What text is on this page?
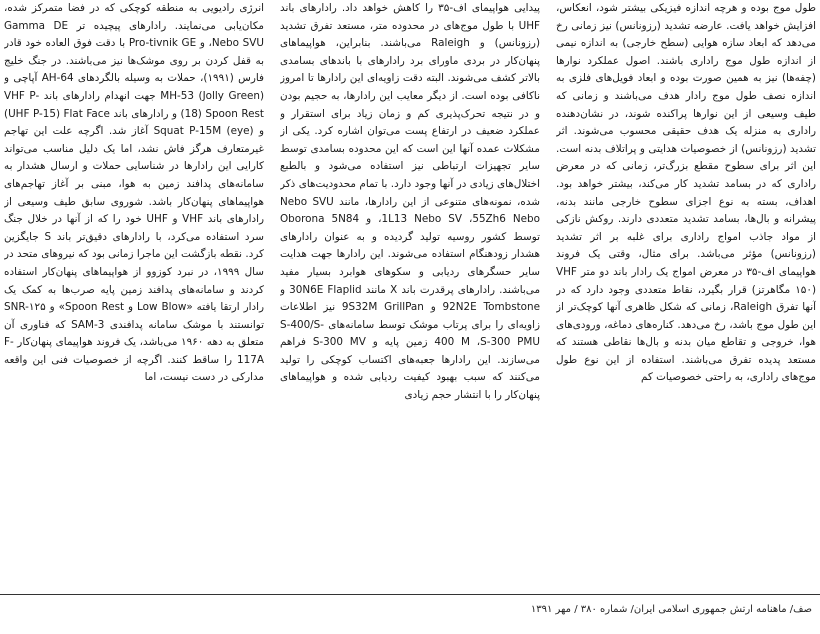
طول موج بوده و هرچه اندازه فیزیکی بیشتر شود، انعکاس، افزایش خواهد یافت. عارضه تشدید (رزونانس) نیز زمانی رخ می‌دهد که ابعاد سازه هوایی (سطح خارجی) به اندازه نیمی از اندازه طول موج راداری باشند. اصول عملکرد نوارها (چفه‌ها) نیز به همین صورت بوده و ابعاد فویل‌های فلزی به اندازه نصف طول موج رادار هدف می‌باشند و زمانی که طیف وسیعی از این نوارها پراکنده شوند، در نشان‌دهنده راداری به منزله یک هدف حقیقی محسوب می‌شوند. اثر تشدید (رزونانس) از خصوصیات هدایتی و پراتلاف بدنه است. این اثر برای سطوح مقطع بزرگ‌تر، زمانی که در معرض راداری که در بسامد تشدید کار می‌کند، بیشتر خواهد بود. اهداف، بسته به نوع اجزای سطوح خارجی مانند بدنه، پیشرانه و بال‌ها، بسامد تشدید متعددی دارند. روکش نازکی از مواد جاذب امواج راداری برای غلبه بر اثر تشدید (رزونانس) مؤثر می‌باشد. برای مثال، وقتی یک فروند هواپیمای اف-۳۵ در معرض امواج یک رادار باند دو متر VHF (۱۵۰ مگاهرتز) قرار بگیرد، نقاط متعددی وجود دارد که در آنها تفرق Raleigh، زمانی که شکل ظاهری آنها کوچک‌تر از این طول موج باشد، رخ می‌دهد. کناره‌های دماغه، ورودی‌های هوا، خروجی و تقاطع میان بدنه و بال‌ها نقاطی هستند که مستعد پدیده تفرق می‌باشند. استفاده از این نوع طول موج‌های راداری، به راحتی خصوصیات کم

پیدایی هواپیمای اف-۳۵ را کاهش خواهد داد. رادارهای باند UHF با طول موج‌های در محدوده متر، مستعد تفرق تشدید (رزونانس) و Raleigh می‌باشند. بنابراین، هواپیماهای پنهان‌کار در بردی ماورای برد رادارهای با باندهای بسامدی بالاتر کشف می‌شوند. البته دقت زاویه‌ای این رادارها تا امروز ناکافی بوده است. از دیگر معایب این رادارها، به حجیم بودن و در نتیجه تحرک‌پذیری کم و زمان زیاد برای استقرار و عملکرد ضعیف در ارتفاع پست می‌توان اشاره کرد. یکی از مشکلات عمده آنها این است که این محدوده بسامدی توسط سایر تجهیزات ارتباطی نیز استفاده می‌شود و بالطبع اختلال‌های زیادی در آنها وجود دارد. با تمام محدودیت‌های ذکر شده، نمونه‌های متنوعی از این رادارها، مانند Nebo SVU ،1L13 Nebo SV ،55Zh6 Nebo و Oborona 5N84 توسط کشور روسیه تولید گردیده و به عنوان رادارهای هشدار زودهنگام استفاده می‌شوند. این رادارها جهت هدایت سایر حسگرهای ردیابی و سکوهای هوابرد بسیار مفید می‌باشند. رادارهای پرقدرت باند X مانند 30N6E Flaplid و 92N2E Tombstone و 9S32M GrillPan نیز اطلاعات زاویه‌ای را برای پرتاب موشک توسط سامانه‌های S-400/S-400 M ،S-300 PMU زمین پایه و S-300 MV فراهم می‌سازند. این رادارها جعبه‌های اکتساب کوچکی را تولید می‌کنند که سبب بهبود کیفیت ردیابی شده و هواپیماهای پنهان‌کار را با انتشار حجم زیادی

انرژی رادیویی به منطقه کوچکی که در فضا متمرکز شده، مکان‌یابی می‌نمایند. رادارهای پیچیده تر Gamma DE ،Nebo SVU و Pro-tivnik GE با دقت فوق العاده خود قادر به قفل کردن بر روی موشک‌ها نیز می‌باشند. در جنگ خلیج فارس (۱۹۹۱)، حملات به وسیله بالگردهای AH-64 آپاچی و MH-53 (Jolly Green) جهت انهدام رادارهای باند VHF P-18) Spoon Rest) و رادارهای باند UHF P-15) Flat Face) و (Squat P-15M (eye آغاز شد. اگرچه علت این تهاجم غیرمتعارف هرگز فاش نشد، اما یک دلیل مناسب می‌تواند کارایی این رادارها در شناسایی حملات و ارسال هشدار به سامانه‌های پدافند زمین به هوا، مبنی بر آغاز تهاجم‌های هواپیماهای پنهان‌کار باشد. شوروی سابق طیف وسیعی از رادارهای باند VHF و UHF خود را که از آنها در خلال جنگ سرد استفاده می‌کرد، با رادارهای دقیق‌تر باند S جایگزین کرد. نقطه بازگشت این ماجرا زمانی بود که نیروهای متحد در سال ۱۹۹۹، در نبرد کوزوو از هواپیماهای پنهان‌کار استفاده کردند و سامانه‌های پدافند زمین پایه صرب‌ها به کمک یک رادار ارتقا یافته «Low Blow و Spoon Rest» و SNR-۱۲۵ توانستند با موشک سامانه پدافندی SAM-3 که فناوری آن متعلق به دهه ۱۹۶۰ می‌باشد، یک فروند هواپیمای پنهان‌کار F-117A را ساقط کنند. اگرچه از خصوصیات فنی این واقعه مدارکی در دست نیست، اما

صف/ ماهنامه ارتش جمهوری اسلامی ایران/ شماره ۳۸۰ / مهر ۱۳۹۱
